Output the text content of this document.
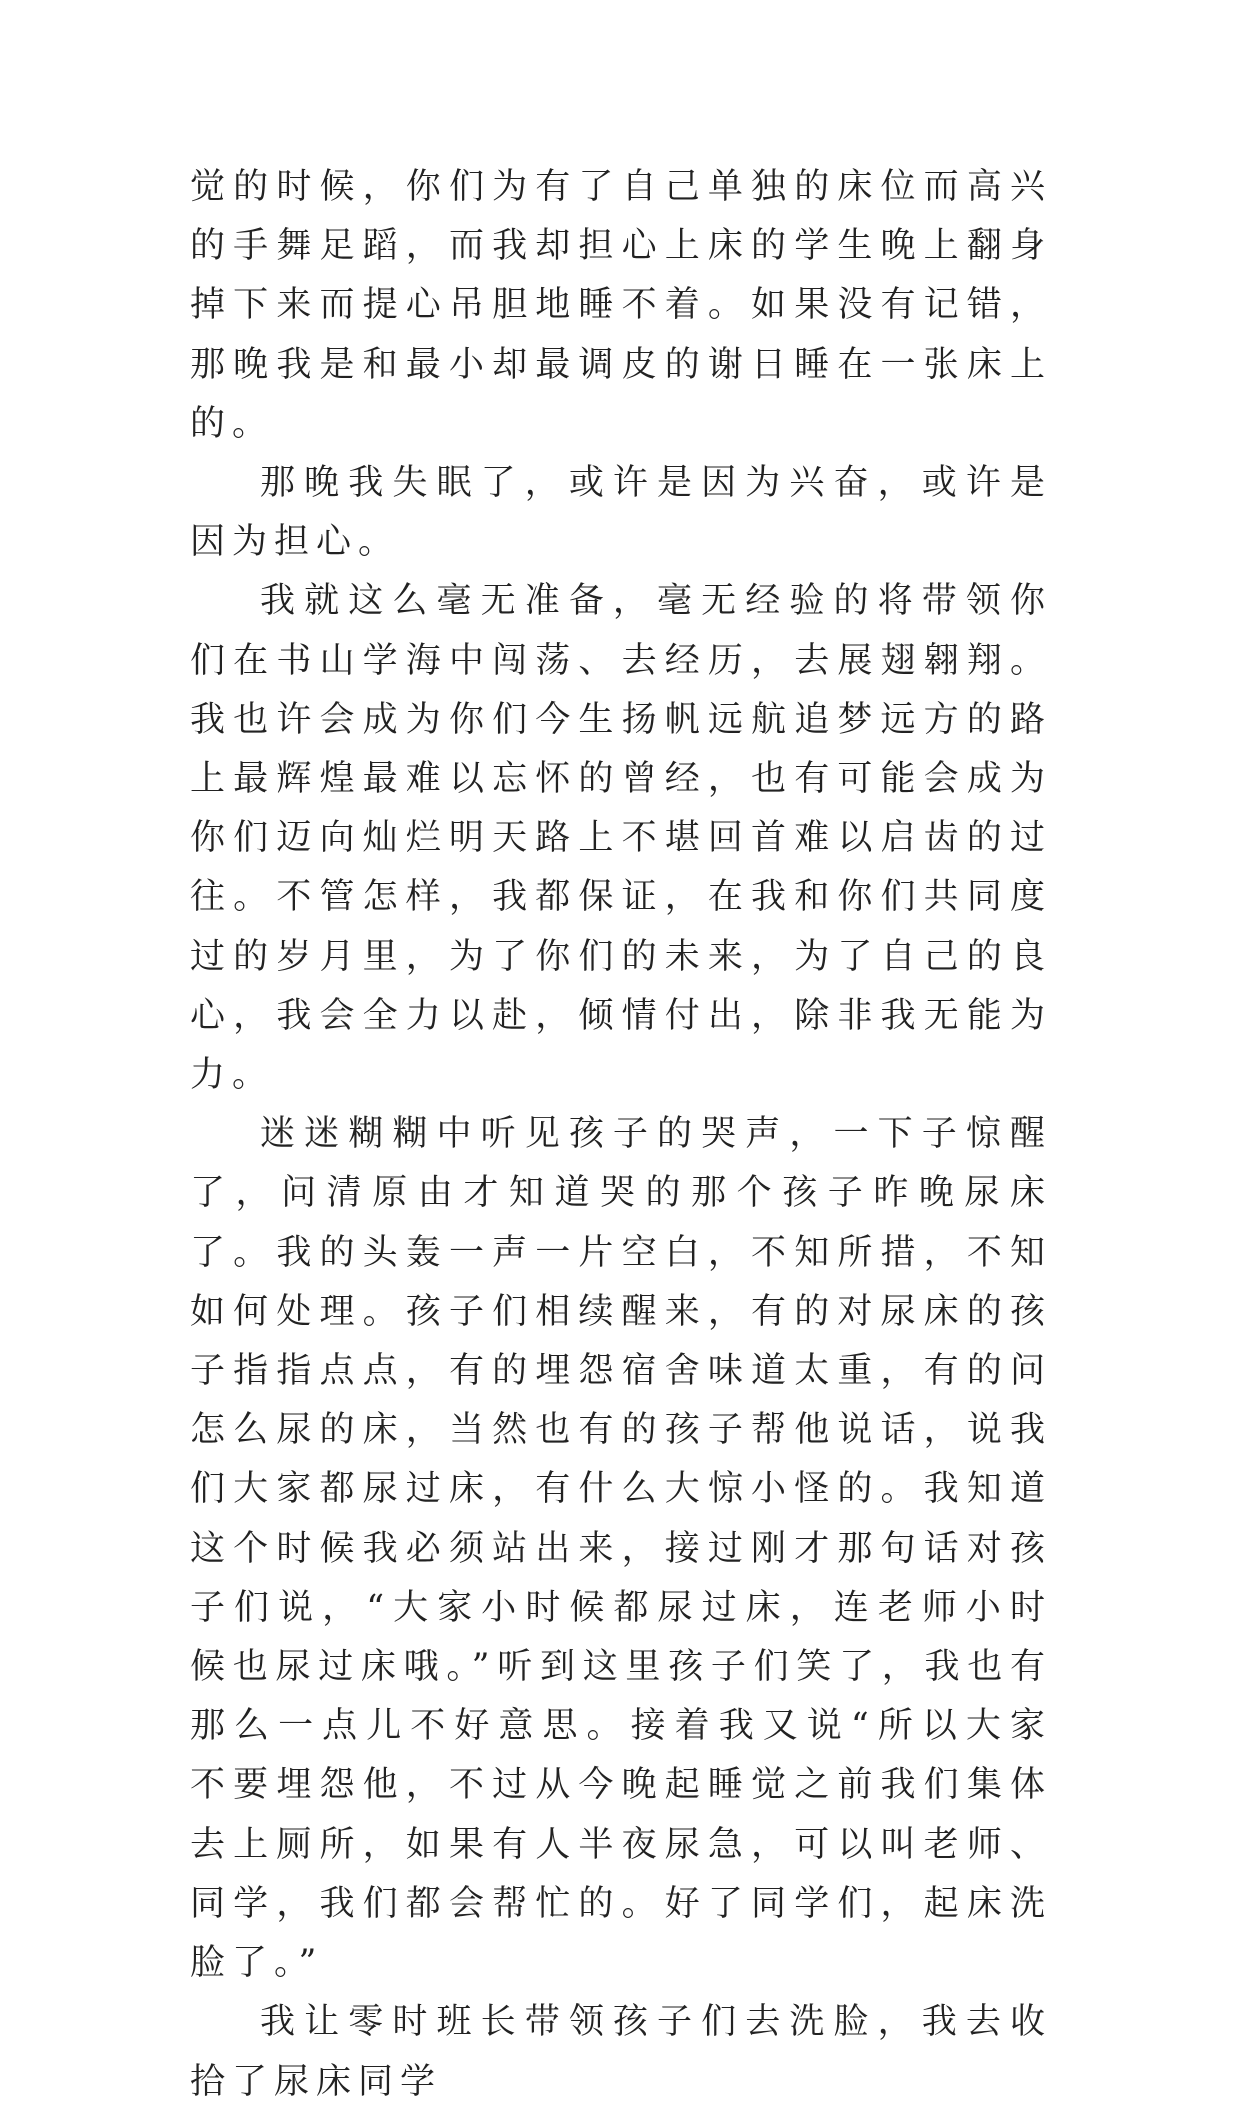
觉的时候，你们为有了自己单独的床位而高兴的手舞足蹈，而我却担心上床的学生晚上翻身掉下来而提心吊胆地睡不着。如果没有记错，那晚我是和最小却最调皮的谢日睡在一张床上的。

那晚我失眠了，或许是因为兴奋，或许是因为担心。

我就这么毫无准备，毫无经验的将带领你们在书山学海中闯荡、去经历，去展翅翱翔。我也许会成为你们今生扬帆远航追梦远方的路上最辉煌最难以忘怀的曾经，也有可能会成为你们迈向灿烂明天路上不堪回首难以启齿的过往。不管怎样，我都保证，在我和你们共同度过的岁月里，为了你们的未来，为了自己的良心，我会全力以赴，倾情付出，除非我无能为力。

迷迷糊糊中听见孩子的哭声，一下子惊醒了，问清原由才知道哭的那个孩子昨晚尿床了。我的头轰一声一片空白，不知所措，不知如何处理。孩子们相续醒来，有的对尿床的孩子指指点点，有的埋怨宿舍味道太重，有的问怎么尿的床，当然也有的孩子帮他说话，说我们大家都尿过床，有什么大惊小怪的。我知道这个时候我必须站出来，接过刚才那句话对孩子们说，“大家小时候都尿过床，连老师小时候也尿过床哦。”听到这里孩子们笑了，我也有那么一点儿不好意思。接着我又说“所以大家不要埋怨他，不过从今晚起睡觉之前我们集体去上厕所，如果有人半夜尿急，可以叫老师、同学，我们都会帮忙的。好了同学们，起床洗脸了。”

我让零时班长带领孩子们去洗脸，我去收拾了尿床同学
